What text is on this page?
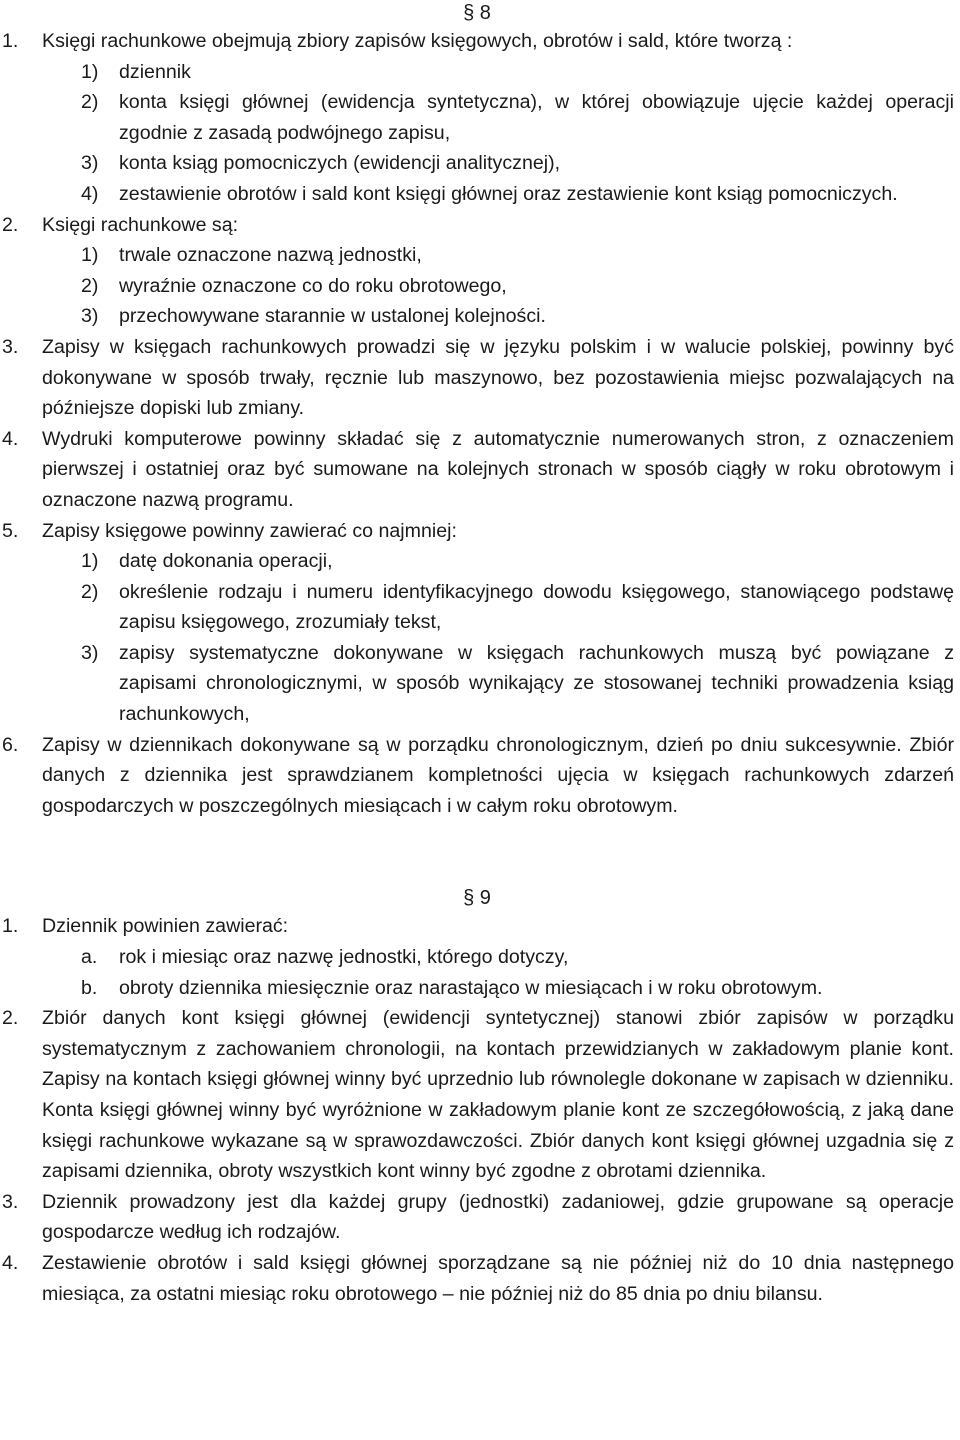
§ 8
1.	Księgi rachunkowe obejmują zbiory zapisów księgowych, obrotów i sald, które tworzą :
1)	dziennik
2)	konta księgi głównej (ewidencja syntetyczna), w której obowiązuje ujęcie każdej operacji zgodnie z zasadą podwójnego zapisu,
3)	konta ksiąg pomocniczych (ewidencji analitycznej),
4)	zestawienie obrotów i sald kont księgi głównej oraz zestawienie kont ksiąg pomocniczych.
2.	Księgi rachunkowe są:
1)	trwale oznaczone nazwą jednostki,
2)	wyraźnie oznaczone co do roku obrotowego,
3)	przechowywane starannie w ustalonej kolejności.
3.	Zapisy w księgach rachunkowych prowadzi się w języku polskim i w walucie polskiej, powinny być dokonywane w sposób trwały, ręcznie lub maszynowo, bez pozostawienia miejsc pozwalających na późniejsze dopiski lub zmiany.
4.	Wydruki komputerowe powinny składać się z automatycznie numerowanych stron, z oznaczeniem pierwszej i ostatniej oraz być sumowane na kolejnych stronach w sposób ciągły w roku obrotowym i oznaczone nazwą programu.
5.	Zapisy księgowe powinny zawierać co najmniej:
1)	datę dokonania operacji,
2)	określenie rodzaju i numeru identyfikacyjnego dowodu księgowego, stanowiącego podstawę zapisu księgowego, zrozumiały tekst,
3)	zapisy systematyczne dokonywane w księgach rachunkowych muszą być powiązane z zapisami chronologicznymi, w sposób wynikający ze stosowanej techniki prowadzenia ksiąg rachunkowych,
6.	Zapisy w dziennikach dokonywane są w porządku chronologicznym, dzień po dniu sukcesywnie. Zbiór danych z dziennika jest sprawdzianem kompletności ujęcia w księgach rachunkowych zdarzeń gospodarczych w poszczególnych miesiącach i w całym roku obrotowym.
§ 9
1.	Dziennik powinien zawierać:
a.	rok i miesiąc oraz nazwę jednostki, którego dotyczy,
b.	obroty dziennika miesięcznie oraz narastająco w miesiącach i w roku obrotowym.
2.	Zbiór danych kont księgi głównej (ewidencji syntetycznej) stanowi zbiór zapisów w porządku systematycznym z zachowaniem chronologii, na kontach przewidzianych w zakładowym planie kont. Zapisy na kontach księgi głównej winny być uprzednio lub równolegle dokonane w zapisach w dzienniku. Konta księgi głównej winny być wyróżnione w zakładowym planie kont ze szczegółowością, z jaką dane księgi rachunkowe wykazane są w sprawozdawczości. Zbiór danych kont księgi głównej uzgadnia się z zapisami dziennika, obroty wszystkich kont winny być zgodne z obrotami dziennika.
3.	Dziennik prowadzony jest dla każdej grupy (jednostki) zadaniowej, gdzie grupowane są operacje gospodarcze według ich rodzajów.
4.	Zestawienie obrotów i sald księgi głównej sporządzane są nie później niż do 10 dnia następnego miesiąca, za ostatni miesiąc roku obrotowego – nie później niż do 85 dnia po dniu bilansu.
